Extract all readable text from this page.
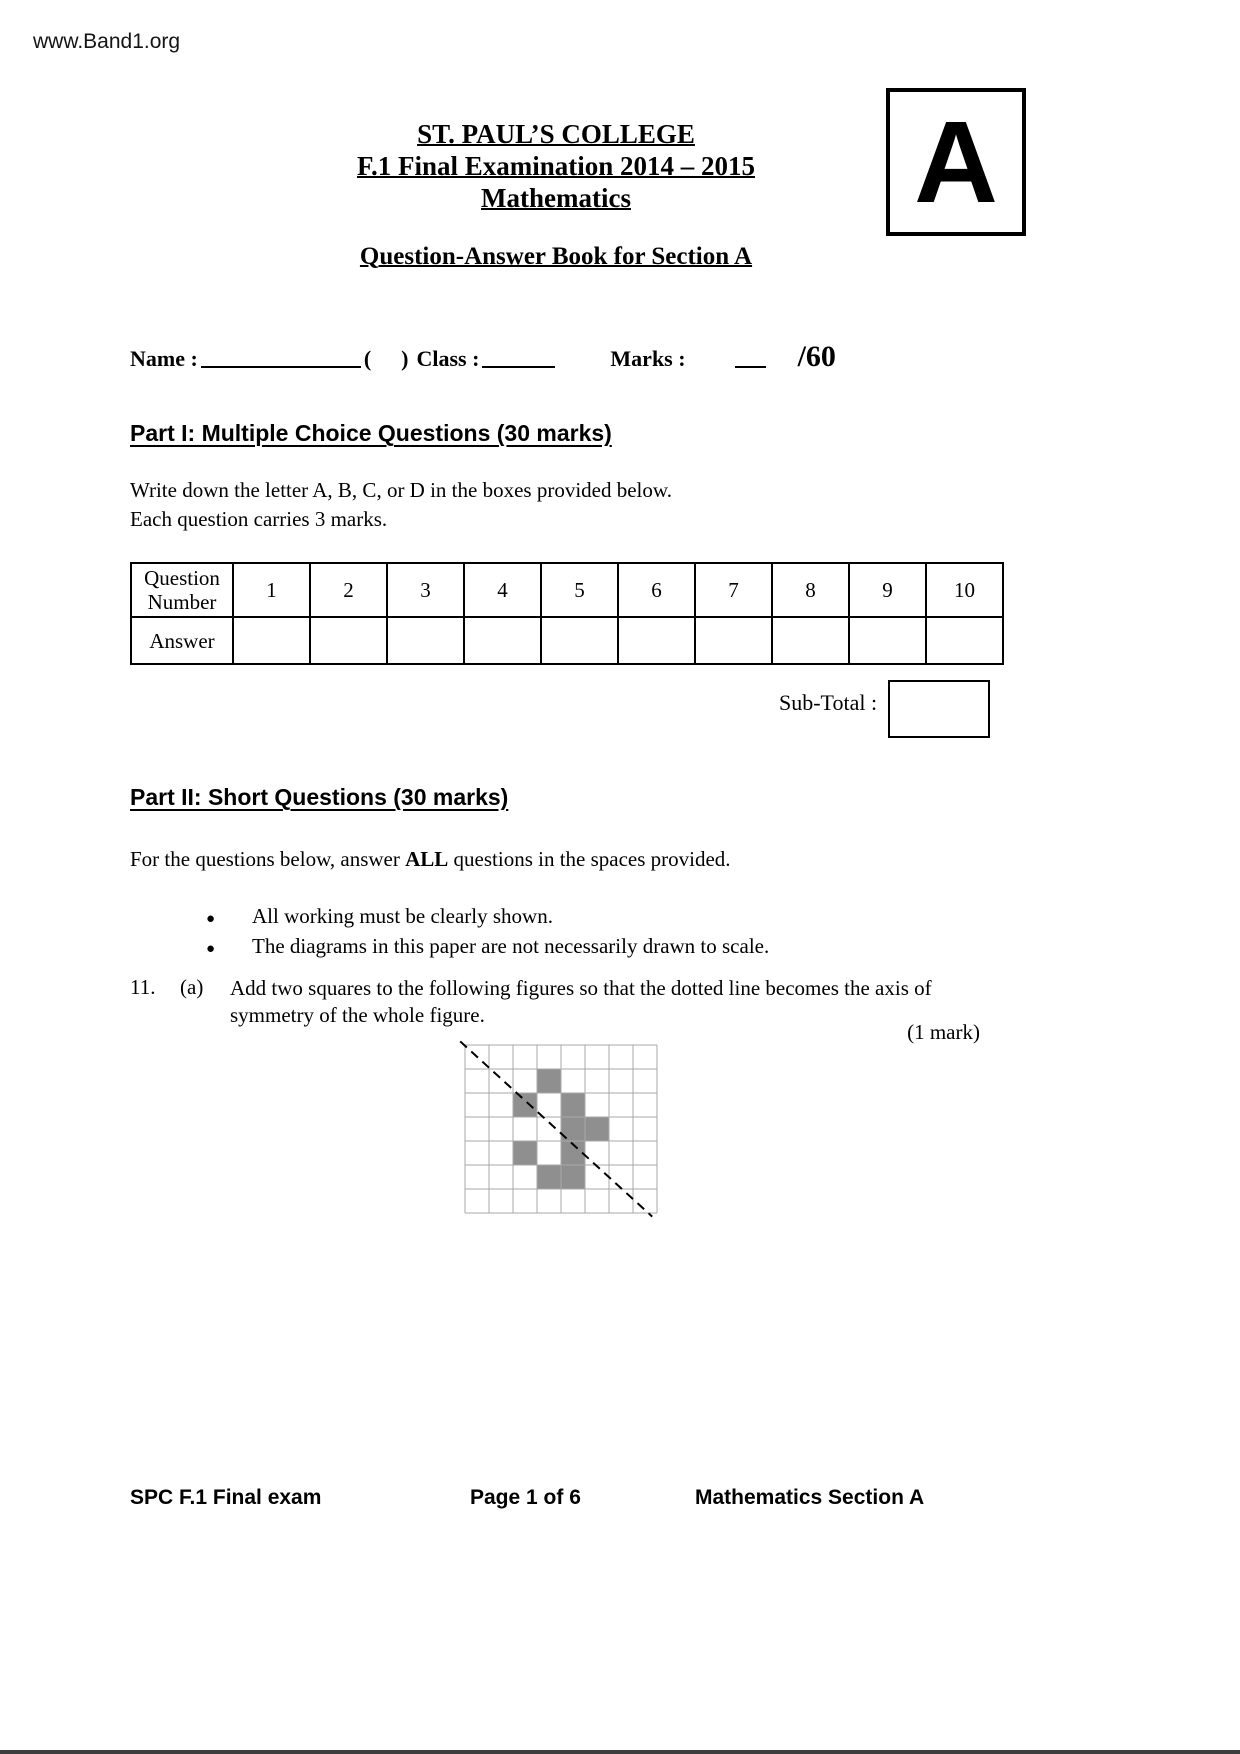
www.Band1.org
A
ST. PAUL’S COLLEGE
F.1 Final Examination 2014 – 2015
Mathematics
Question-Answer Book for Section A
Name :	( ) Class :	Marks :	/60
Part I: Multiple Choice Questions (30 marks)
Write down the letter A, B, C, or D in the boxes provided below.
Each question carries 3 marks.
Question
Number	1	2	3	4	5	6	7	8	9	10
Answer										
Sub-Total :
Part II: Short Questions (30 marks)
For the questions below, answer ALL questions in the spaces provided.
●	All working must be clearly shown.
●	The diagrams in this paper are not necessarily drawn to scale.
11. (a) Add two squares to the following figures so that the dotted line becomes the axis of symmetry of the whole figure.
(1 mark)
SPC F.1 Final exam	Page 1 of 6	Mathematics Section A
